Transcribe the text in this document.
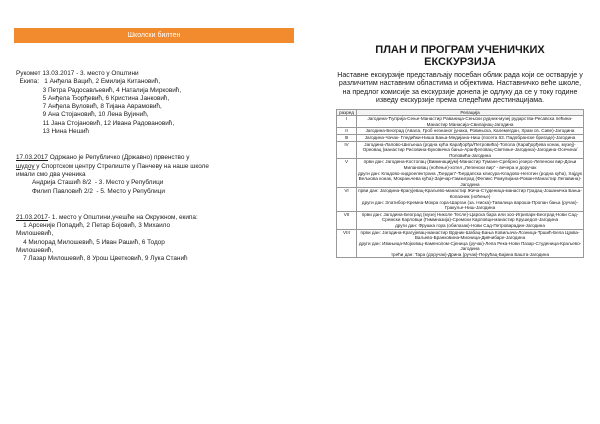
Школски билтен

Рукомет 13.03.2017 - 3. место у Општини

Екипа:   1 Анђела Вацић, 2 Емилија Китановић,

3 Петра Радосављевић, 4 Наталија Мирковић,

5 Анђела Ђорђевић, 6 Кристина Јанковић,

7 Анђела Вуловић, 8 Тијана Аврамовић,

9 Ана Стојановић, 10 Лена Вујинић,

11 Јана Стојановић, 12 Ивана Радовановић,

13 Нина Нешић

17.03.2017 Одржано је Републичко (Државно) првенство у

шудоу у Спортском центру Стрелиште у Панчеву на наше школе

имали смо два ученика

Андрија Сташић 8/2  - 3. Место у Републици

Филип Павловић 2/2  - 5. Место у Републици

21.03.2017- 1. место у Општини,учешће на Окружном, екипа:

1 Арсеније Попадић, 2 Петар Бојовић, 3 Михаило

Милошевић,

4 Милорад Милошевић, 5 Иван Рашић, 6 Тодор

Милошевић,

7 Лазар Милошевић, 8 Урош Цветковић, 9 Лука Станић

ПЛАН И ПРОГРАМ УЧЕНИЧКИХ

ЕКСКУРЗИЈА

Наставне екскурзије представљају посебан облик рада који се остварује у различитим наставним областима и објектима. Наставничко веће школе, на предлог комисије за екскурзије донела је одлуку да се у току године изведу екскурзије према следећим дестинацијама.

разред	Релација
I	Јагодина-Ћуприја-Сење-Манастир Раваница-Сењски рудник-музеј рударства-Ресавска пећина-Манастир Манасија-Свилајнац-Јагодина
II	Јагодина-Београд (Авала, Гроб незнаног јунака, Ровињска, Калемегдан, Храм св. Саве)-Јагодина
III	Јагодина-Чачак- Гледићки-Ниша Бања-Медијана-Ниш (посета 63. Падобранске бригаде)-Јагодина
IV	Јагодина-Лапово-Шиљеша (родна кућа Карађорђа/Петровића)-Топола (Карађорђева конак, музеј)-Ореовац (манастир Рисовина-Буковичка бања-Аранђеловац-Светиње-Јагодина)-Јагодина-Осечина/Поповића-Јагодина
V	први дан: Јагодина-Костолац (Виминацијум)-Манастир Тумане-Сребрно језеро-Лепенски вир-Доњи Милановац (ноћење)-хотел „Лепенски вир“ - вечера и доручак
други дан: Кладово-хидроелектрана „Ђердап“-Ђердапска клисура-Кладово-Неготин (родна кућа), Хајдук Вељкова конак, Мокрањчева кућа)-Зајечар-Гамзиград (Феликс Ромулијана-Роман-Манастир Лепавина)-Јагодина
VI	први дан: Јагодина-Крагујевац-Краљево-манастир Жича-Студеница-манастир Градац-Јошаничка Бања-Копаоник (ноћење)
други дан: Златибор-Кремна-Мокра гора-Шарган (за. Ниска)-Тавалица вароша-Пропан бања (ручак)-Гракуље-Ниш-Јагодина
VII	први дан: Јагодина-Београд (музеј Николе Тесле)-Царска бара или зоо-Игрипарк-Београд-Нови Сад-Сремски Карловци (Гиммназија)-Сремски Карловци-манастир Крушедол-Јагодина
други дан: Фрушка гора (обилазак)-Нови Сад-Петроварадин-Јагодина
VIII	први дан: Јагодина-Крагујевац-манастир Врдник-Шабац-Бања Ковиљача-Лозница-Тршић-Бела Црква-Ваљево-Бранковина-Мионица-Дивчибаре-Јагодина
други дан: Ивањица-Мојковац-Каменолом-Сјеница (ручак)-Лепа Река-Нови Пазар-Студеница-Краљево-Јагодина
трећи дан: Тара (доручак)-Дрина (ручак)-Перућац-Бајина Башта-Јагодина
